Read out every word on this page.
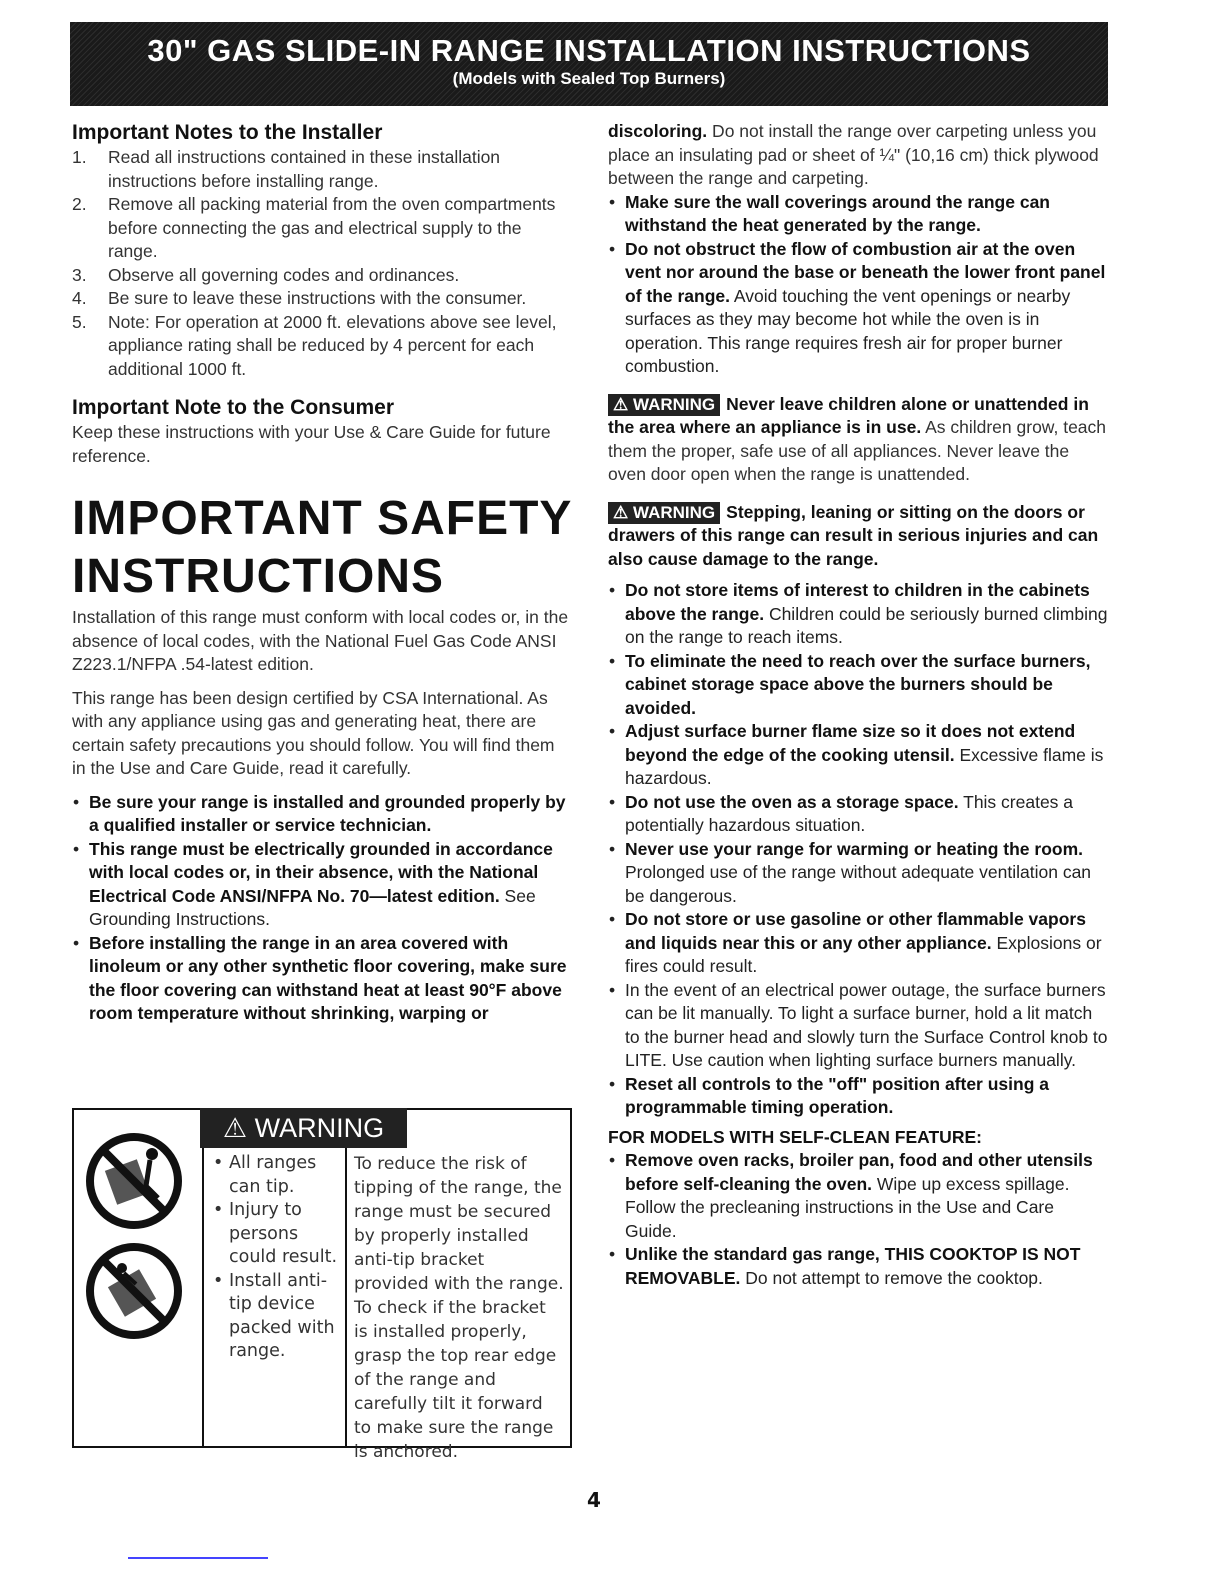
30" GAS SLIDE-IN RANGE INSTALLATION INSTRUCTIONS
(Models with Sealed Top Burners)
Important Notes to the Installer
1. Read all instructions contained in these installation instructions before installing range.
2. Remove all packing material from the oven compartments before connecting the gas and electrical supply to the range.
3. Observe all governing codes and ordinances.
4. Be sure to leave these instructions with the consumer.
5. Note: For operation at 2000 ft. elevations above see level, appliance rating shall be reduced by 4 percent for each additional 1000 ft.
Important Note to the Consumer

Keep these instructions with your Use & Care Guide for future reference.

IMPORTANT SAFETY INSTRUCTIONS

Installation of this range must conform with local codes or, in the absence of local codes, with the National Fuel Gas Code ANSI Z223.1/NFPA .54-latest edition.

This range has been design certified by CSA International. As with any appliance using gas and generating heat, there are certain safety precautions you should follow. You will find them in the Use and Care Guide, read it carefully.

• Be sure your range is installed and grounded properly by a qualified installer or service technician.
• This range must be electrically grounded in accordance with local codes or, in their absence, with the National Electrical Code ANSI/NFPA No. 70—latest edition. See Grounding Instructions.
• Before installing the range in an area covered with linoleum or any other synthetic floor covering, make sure the floor covering can withstand heat at least 90°F above room temperature without shrinking, warping or
⚠ WARNING
• All ranges can tip.
• Injury to persons could result.
• Install anti-tip device packed with range.

To reduce the risk of tipping of the range, the range must be secured by properly installed anti-tip bracket provided with the range. To check if the bracket is installed properly, grasp the top rear edge of the range and carefully tilt it forward to make sure the range is anchored.

discoloring. Do not install the range over carpeting unless you place an insulating pad or sheet of ¼" (10,16 cm) thick plywood between the range and carpeting.

• Make sure the wall coverings around the range can withstand the heat generated by the range.
• Do not obstruct the flow of combustion air at the oven vent nor around the base or beneath the lower front panel of the range. Avoid touching the vent openings or nearby surfaces as they may become hot while the oven is in operation. This range requires fresh air for proper burner combustion.

⚠ WARNING Never leave children alone or unattended in the area where an appliance is in use. As children grow, teach them the proper, safe use of all appliances. Never leave the oven door open when the range is unattended.

⚠ WARNING Stepping, leaning or sitting on the doors or drawers of this range can result in serious injuries and can also cause damage to the range.

• Do not store items of interest to children in the cabinets above the range. Children could be seriously burned climbing on the range to reach items.
• To eliminate the need to reach over the surface burners, cabinet storage space above the burners should be avoided.
• Adjust surface burner flame size so it does not extend beyond the edge of the cooking utensil. Excessive flame is hazardous.
• Do not use the oven as a storage space. This creates a potentially hazardous situation.
• Never use your range for warming or heating the room. Prolonged use of the range without adequate ventilation can be dangerous.
• Do not store or use gasoline or other flammable vapors and liquids near this or any other appliance. Explosions or fires could result.
• In the event of an electrical power outage, the surface burners can be lit manually. To light a surface burner, hold a lit match to the burner head and slowly turn the Surface Control knob to LITE. Use caution when lighting surface burners manually.
• Reset all controls to the "off" position after using a programmable timing operation.
FOR MODELS WITH SELF-CLEAN FEATURE:
• Remove oven racks, broiler pan, food and other utensils before self-cleaning the oven. Wipe up excess spillage. Follow the precleaning instructions in the Use and Care Guide.
• Unlike the standard gas range, THIS COOKTOP IS NOT REMOVABLE. Do not attempt to remove the cooktop.
4
